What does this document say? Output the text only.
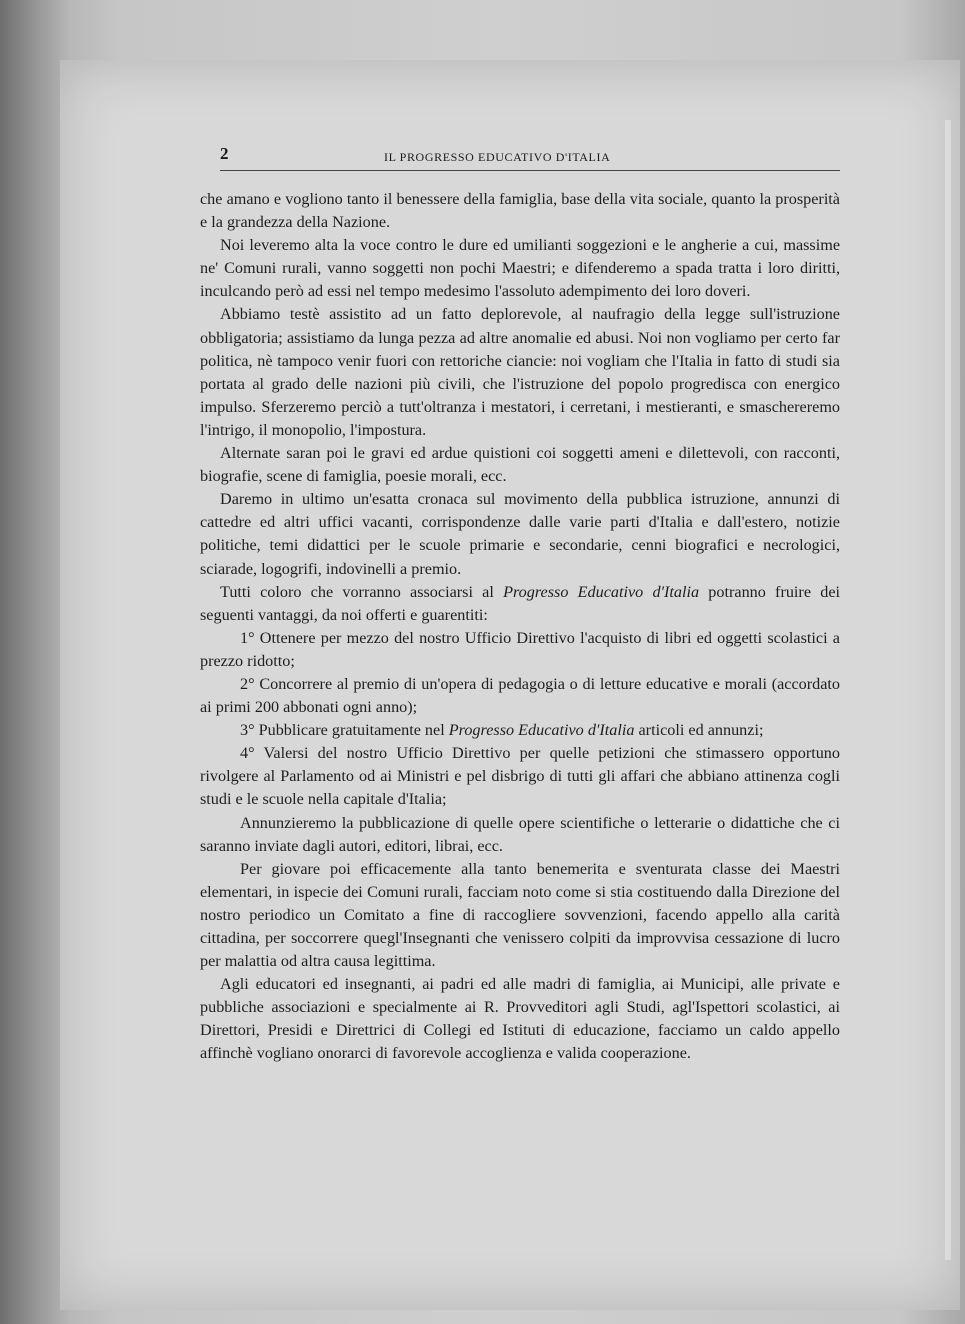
2	IL PROGRESSO EDUCATIVO D'ITALIA

che amano e vogliono tanto il benessere della famiglia, base della vita sociale, quanto la prosperità e la grandezza della Nazione.

Noi leveremo alta la voce contro le dure ed umilianti soggezioni e le angherie a cui, massime ne' Comuni rurali, vanno soggetti non pochi Maestri; e difenderemo a spada tratta i loro diritti, inculcando però ad essi nel tempo medesimo l'assoluto adempimento dei loro doveri.

Abbiamo testè assistito ad un fatto deplorevole, al naufragio della legge sull'istruzione obbligatoria; assistiamo da lunga pezza ad altre anomalie ed abusi. Noi non vogliamo per certo far politica, nè tampoco venir fuori con rettoriche ciancie: noi vogliam che l'Italia in fatto di studi sia portata al grado delle nazioni più civili, che l'istruzione del popolo progredisca con energico impulso. Sferzeremo perciò a tutt'oltranza i mestatori, i cerretani, i mestieranti, e smaschereremo l'intrigo, il monopolio, l'impostura.

Alternate saran poi le gravi ed ardue quistioni coi soggetti ameni e dilettevoli, con racconti, biografie, scene di famiglia, poesie morali, ecc.

Daremo in ultimo un'esatta cronaca sul movimento della pubblica istruzione, annunzi di cattedre ed altri uffici vacanti, corrispondenze dalle varie parti d'Italia e dall'estero, notizie politiche, temi didattici per le scuole primarie e secondarie, cenni biografici e necrologici, sciarade, logogrifi, indovinelli a premio.

Tutti coloro che vorranno associarsi al Progresso Educativo d'Italia potranno fruire dei seguenti vantaggi, da noi offerti e guarentiti:

1° Ottenere per mezzo del nostro Ufficio Direttivo l'acquisto di libri ed oggetti scolastici a prezzo ridotto;

2° Concorrere al premio di un'opera di pedagogia o di letture educative e morali (accordato ai primi 200 abbonati ogni anno);

3° Pubblicare gratuitamente nel Progresso Educativo d'Italia articoli ed annunzi;

4° Valersi del nostro Ufficio Direttivo per quelle petizioni che stimassero opportuno rivolgere al Parlamento od ai Ministri e pel disbrigo di tutti gli affari che abbiano attinenza cogli studi e le scuole nella capitale d'Italia;

Annunzieremo la pubblicazione di quelle opere scientifiche o letterarie o didattiche che ci saranno inviate dagli autori, editori, librai, ecc.

Per giovare poi efficacemente alla tanto benemerita e sventurata classe dei Maestri elementari, in ispecie dei Comuni rurali, facciam noto come si stia costituendo dalla Direzione del nostro periodico un Comitato a fine di raccogliere sovvenzioni, facendo appello alla carità cittadina, per soccorrere quegl'Insegnanti che venissero colpiti da improvvisa cessazione di lucro per malattia od altra causa legittima.

Agli educatori ed insegnanti, ai padri ed alle madri di famiglia, ai Municipi, alle private e pubbliche associazioni e specialmente ai R. Provveditori agli Studi, agl'Ispettori scolastici, ai Direttori, Presidi e Direttrici di Collegi ed Istituti di educazione, facciamo un caldo appello affinchè vogliano onorarci di favorevole accoglienza e valida cooperazione.
